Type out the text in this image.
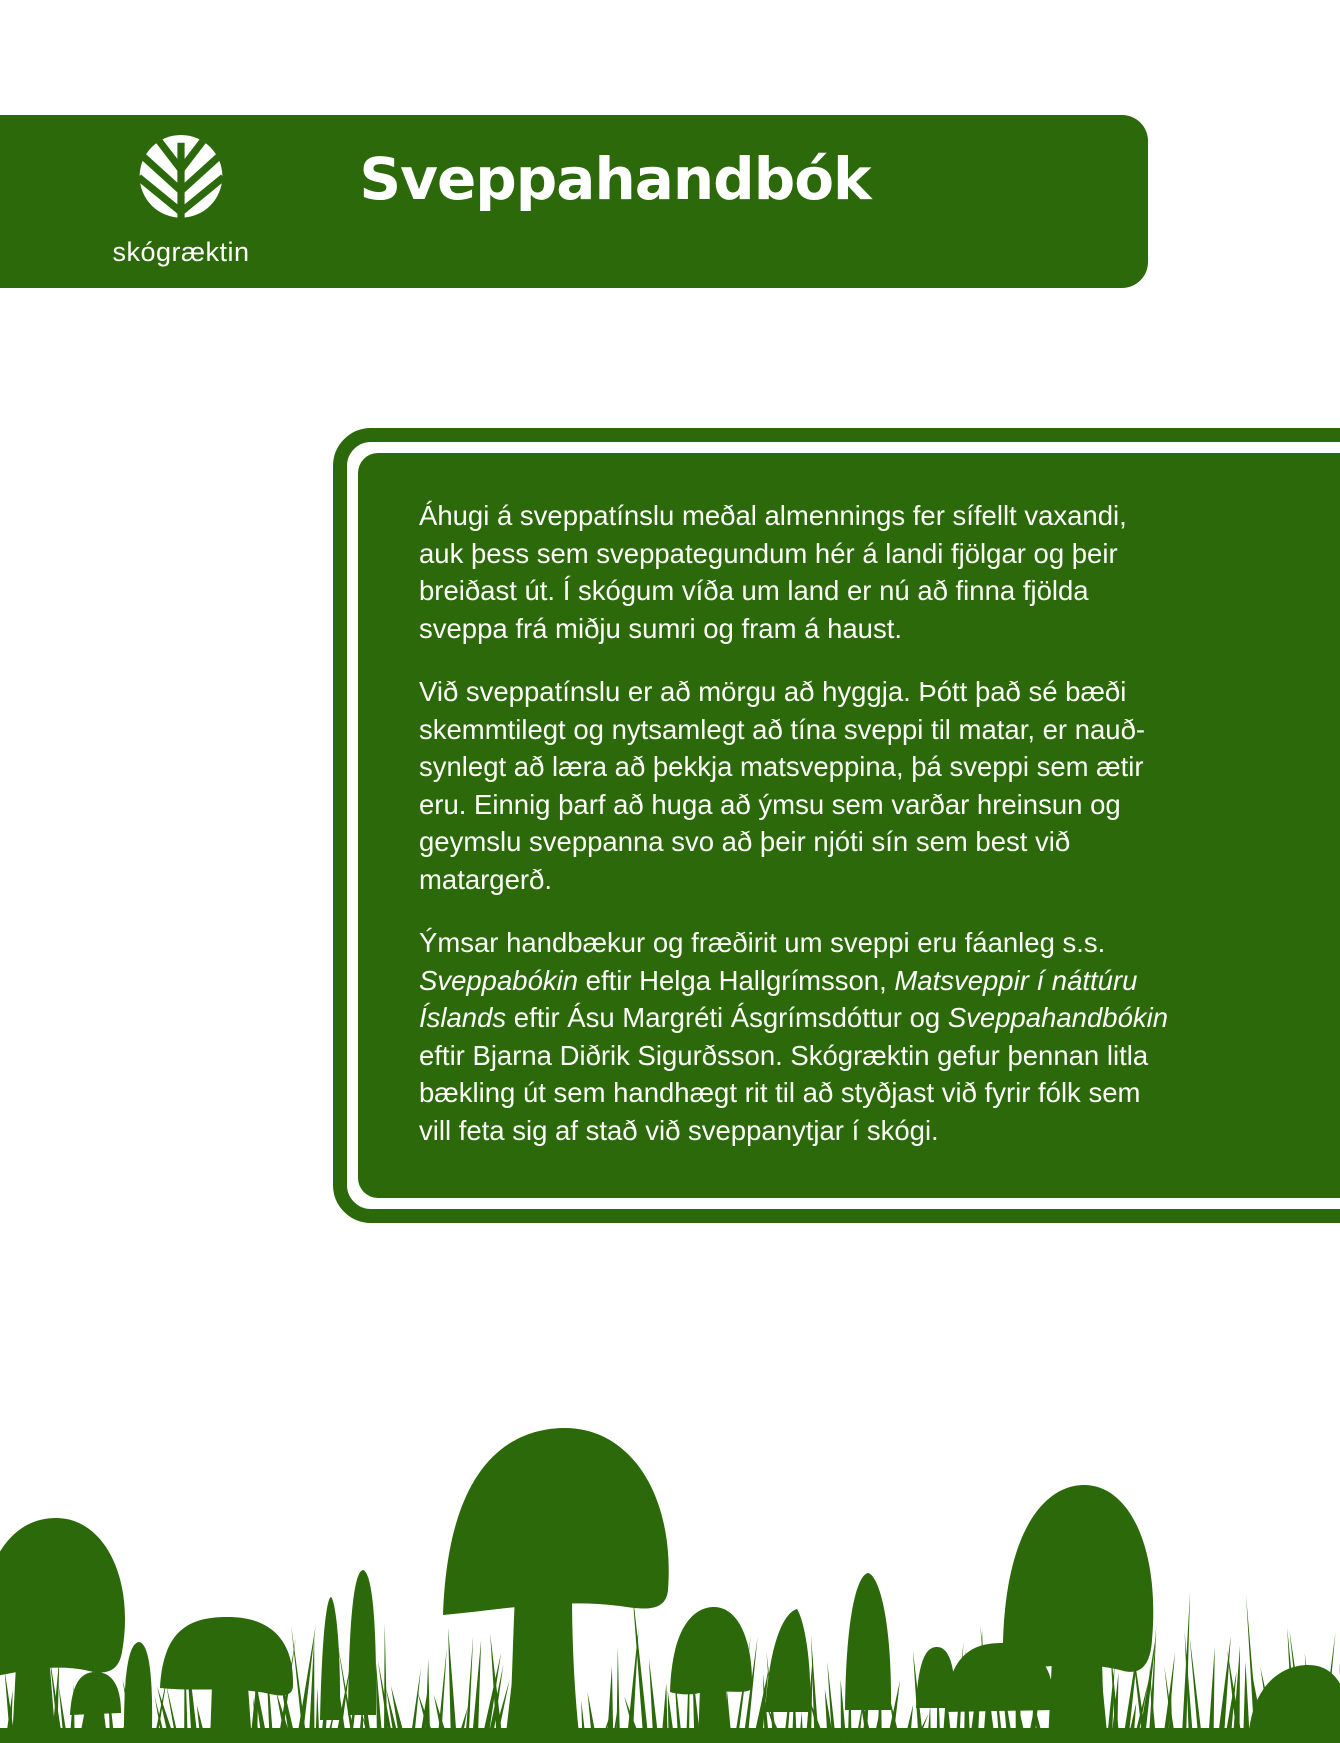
skógræktin
Sveppahandbók
Áhugi á sveppatínslu meðal almennings fer sífellt vaxandi,
auk þess sem sveppategundum hér á landi fjölgar og þeir
breiðast út. Í skógum víða um land er nú að finna fjölda
sveppa frá miðju sumri og fram á haust.
Við sveppatínslu er að mörgu að hyggja. Þótt það sé bæði
skemmtilegt og nytsamlegt að tína sveppi til matar, er nauð-
synlegt að læra að þekkja matsveppina, þá sveppi sem ætir
eru. Einnig þarf að huga að ýmsu sem varðar hreinsun og
geymslu sveppanna svo að þeir njóti sín sem best við
matargerð.
Ýmsar handbækur og fræðirit um sveppi eru fáanleg s.s.
Sveppabókin eftir Helga Hallgrímsson, Matsveppir í náttúru
Íslands eftir Ásu Margréti Ásgrímsdóttur og Sveppahandbókin
eftir Bjarna Diðrik Sigurðsson. Skógræktin gefur þennan litla
bækling út sem handhægt rit til að styðjast við fyrir fólk sem
vill feta sig af stað við sveppanytjar í skógi.
